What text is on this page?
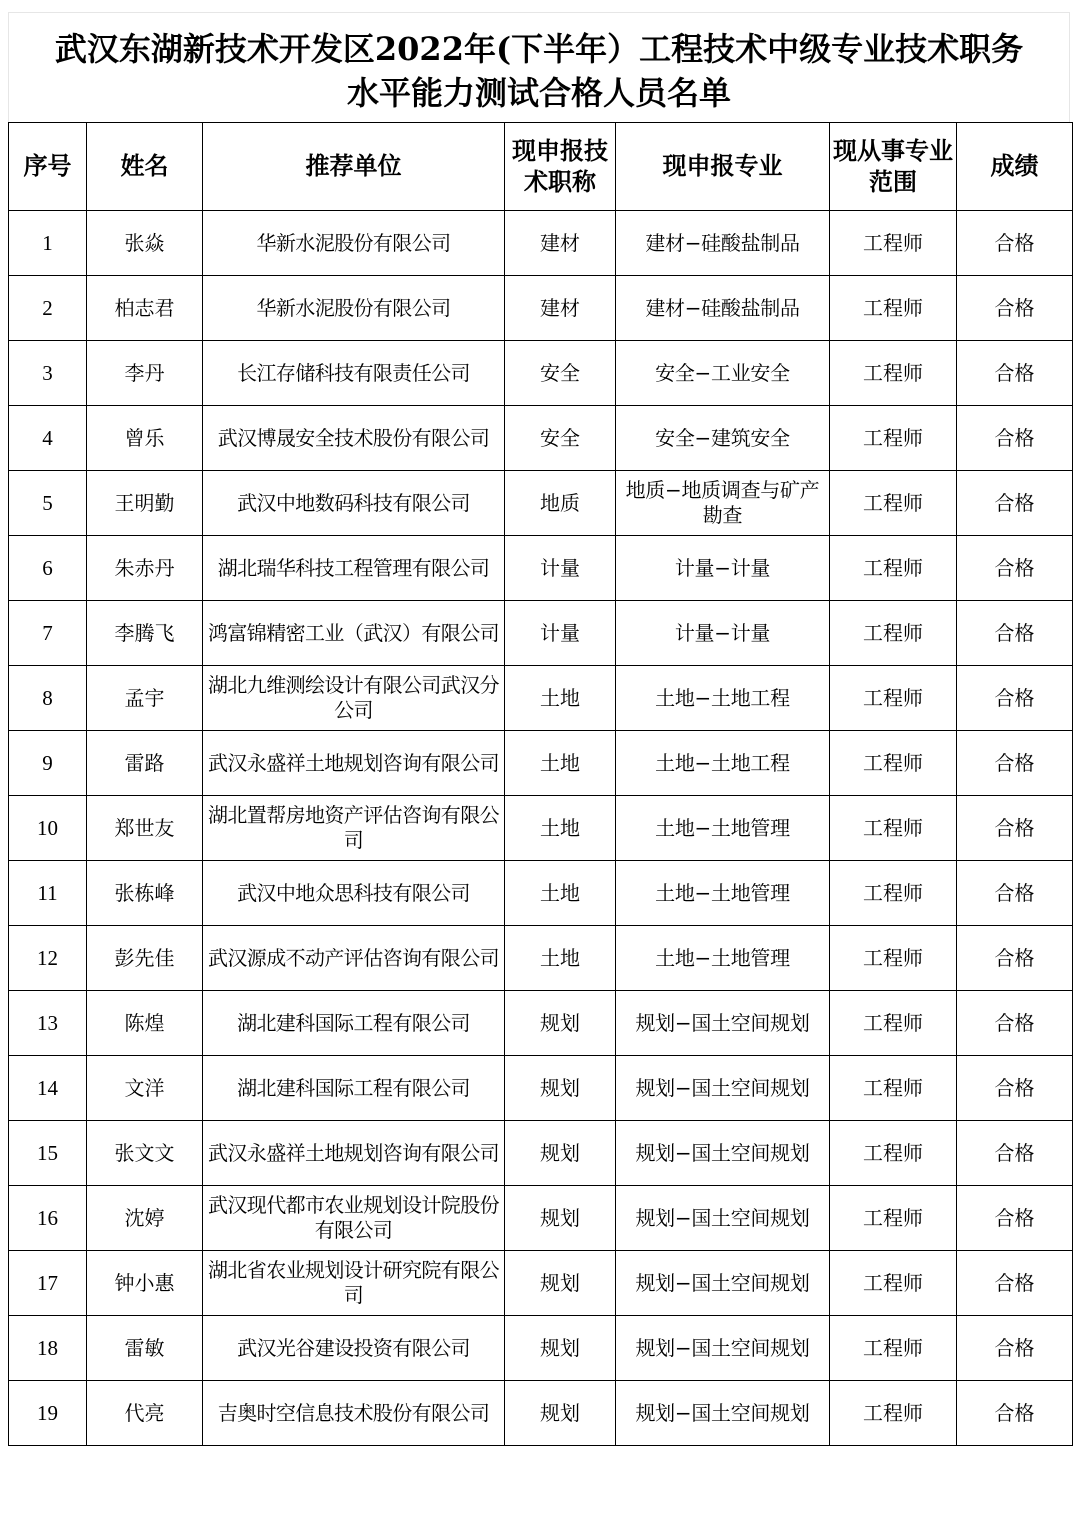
武汉东湖新技术开发区2022年(下半年）工程技术中级专业技术职务
水平能力测试合格人员名单
序号	姓名	推荐单位	现申报技术职称	现申报专业	现从事专业范围	成绩
1	张焱	华新水泥股份有限公司	建材	建材−硅酸盐制品	工程师	合格
2	柏志君	华新水泥股份有限公司	建材	建材−硅酸盐制品	工程师	合格
3	李丹	长江存储科技有限责任公司	安全	安全−工业安全	工程师	合格
4	曾乐	武汉博晟安全技术股份有限公司	安全	安全−建筑安全	工程师	合格
5	王明勤	武汉中地数码科技有限公司	地质	地质−地质调查与矿产勘查	工程师	合格
6	朱赤丹	湖北瑞华科技工程管理有限公司	计量	计量−计量	工程师	合格
7	李腾飞	鸿富锦精密工业（武汉）有限公司	计量	计量−计量	工程师	合格
8	孟宇	湖北九维测绘设计有限公司武汉分公司	土地	土地−土地工程	工程师	合格
9	雷路	武汉永盛祥土地规划咨询有限公司	土地	土地−土地工程	工程师	合格
10	郑世友	湖北置帮房地资产评估咨询有限公司	土地	土地−土地管理	工程师	合格
11	张栋峰	武汉中地众思科技有限公司	土地	土地−土地管理	工程师	合格
12	彭先佳	武汉源成不动产评估咨询有限公司	土地	土地−土地管理	工程师	合格
13	陈煌	湖北建科国际工程有限公司	规划	规划−国土空间规划	工程师	合格
14	文洋	湖北建科国际工程有限公司	规划	规划−国土空间规划	工程师	合格
15	张文文	武汉永盛祥土地规划咨询有限公司	规划	规划−国土空间规划	工程师	合格
16	沈婷	武汉现代都市农业规划设计院股份有限公司	规划	规划−国土空间规划	工程师	合格
17	钟小惠	湖北省农业规划设计研究院有限公司	规划	规划−国土空间规划	工程师	合格
18	雷敏	武汉光谷建设投资有限公司	规划	规划−国土空间规划	工程师	合格
19	代亮	吉奥时空信息技术股份有限公司	规划	规划−国土空间规划	工程师	合格
